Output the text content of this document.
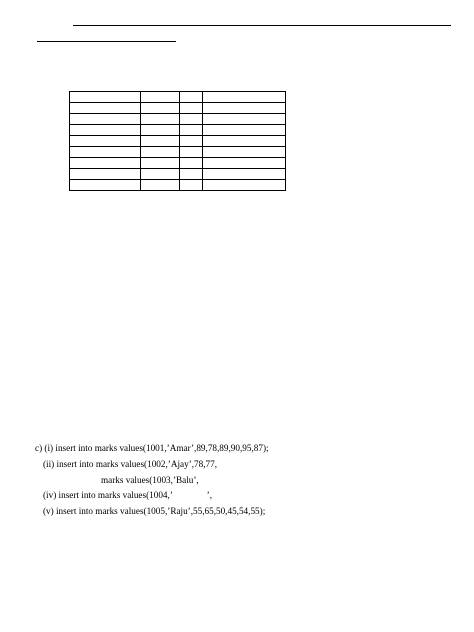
c) (i) insert into marks values(1001,’Amar’,89,78,89,90,95,87);
(ii) insert into marks values(1002,’Ajay’,78,77,
marks values(1003,’Balu’,
(iv) insert into marks values(1004,’               ’,
(v) insert into marks values(1005,’Raju’,55,65,50,45,54,55);
